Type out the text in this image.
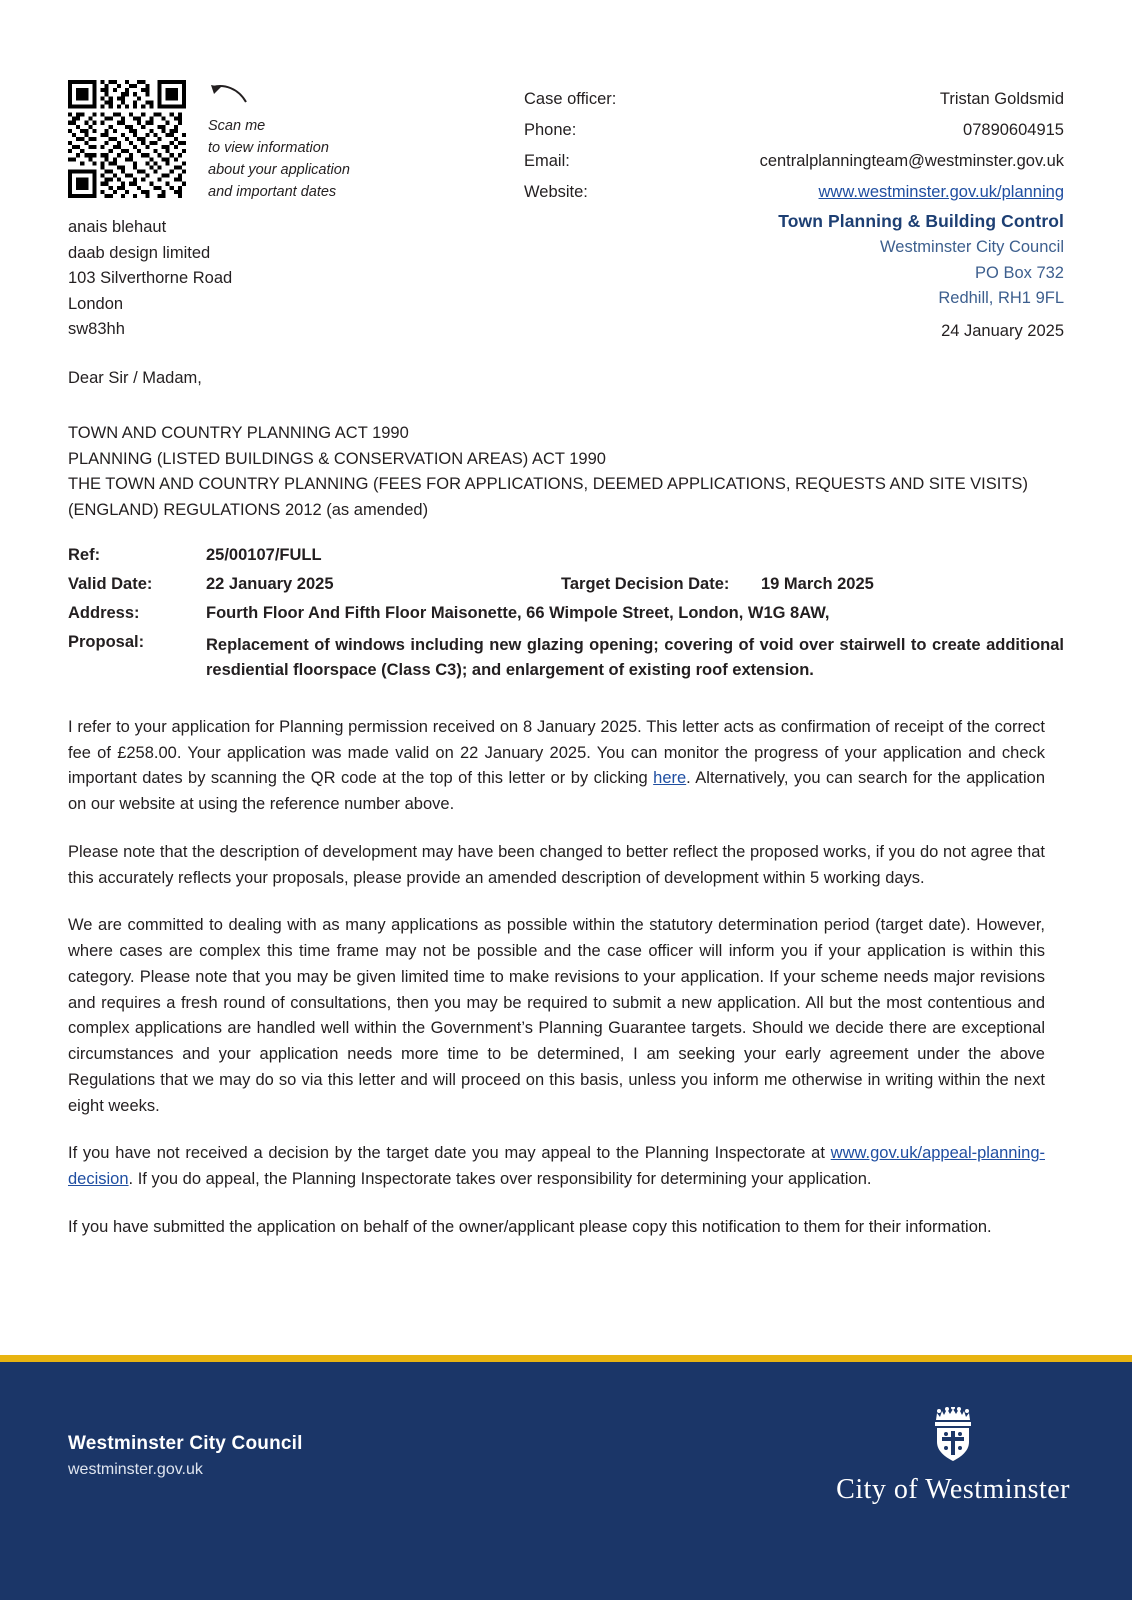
Scan me
to view information
about your application
and important dates
Case officer:	Tristan Goldsmid
Phone:	07890604915
Email:	centralplanningteam@westminster.gov.uk
Website:	www.westminster.gov.uk/planning
anais blehaut
daab design limited
103 Silverthorne Road
London
sw83hh
Town Planning & Building Control
Westminster City Council
PO Box 732
Redhill, RH1 9FL
24 January 2025
Dear Sir / Madam,
TOWN AND COUNTRY PLANNING ACT 1990
PLANNING (LISTED BUILDINGS & CONSERVATION AREAS) ACT 1990
THE TOWN AND COUNTRY PLANNING (FEES FOR APPLICATIONS, DEEMED APPLICATIONS, REQUESTS AND SITE VISITS)
(ENGLAND) REGULATIONS 2012 (as amended)
Ref:	25/00107/FULL
Valid Date:	22 January 2025	Target Decision Date:	19 March 2025
Address:	Fourth Floor And Fifth Floor Maisonette, 66 Wimpole Street, London, W1G 8AW,
Proposal:	Replacement of windows including new glazing opening; covering of void over stairwell to create additional resdiential floorspace (Class C3); and enlargement of existing roof extension.

I refer to your application for Planning permission received on 8 January 2025. This letter acts as confirmation of receipt of the correct fee of £258.00. Your application was made valid on 22 January 2025. You can monitor the progress of your application and check important dates by scanning the QR code at the top of this letter or by clicking here. Alternatively, you can search for the application on our website at using the reference number above.

Please note that the description of development may have been changed to better reflect the proposed works, if you do not agree that this accurately reflects your proposals, please provide an amended description of development within 5 working days.

We are committed to dealing with as many applications as possible within the statutory determination period (target date). However, where cases are complex this time frame may not be possible and the case officer will inform you if your application is within this category. Please note that you may be given limited time to make revisions to your application. If your scheme needs major revisions and requires a fresh round of consultations, then you may be required to submit a new application. All but the most contentious and complex applications are handled well within the Government’s Planning Guarantee targets. Should we decide there are exceptional circumstances and your application needs more time to be determined, I am seeking your early agreement under the above Regulations that we may do so via this letter and will proceed on this basis, unless you inform me otherwise in writing within the next eight weeks.

If you have not received a decision by the target date you may appeal to the Planning Inspectorate at www.gov.uk/appeal-planning-decision. If you do appeal, the Planning Inspectorate takes over responsibility for determining your application.

If you have submitted the application on behalf of the owner/applicant please copy this notification to them for their information.

Westminster City Council
westminster.gov.uk
City of Westminster
